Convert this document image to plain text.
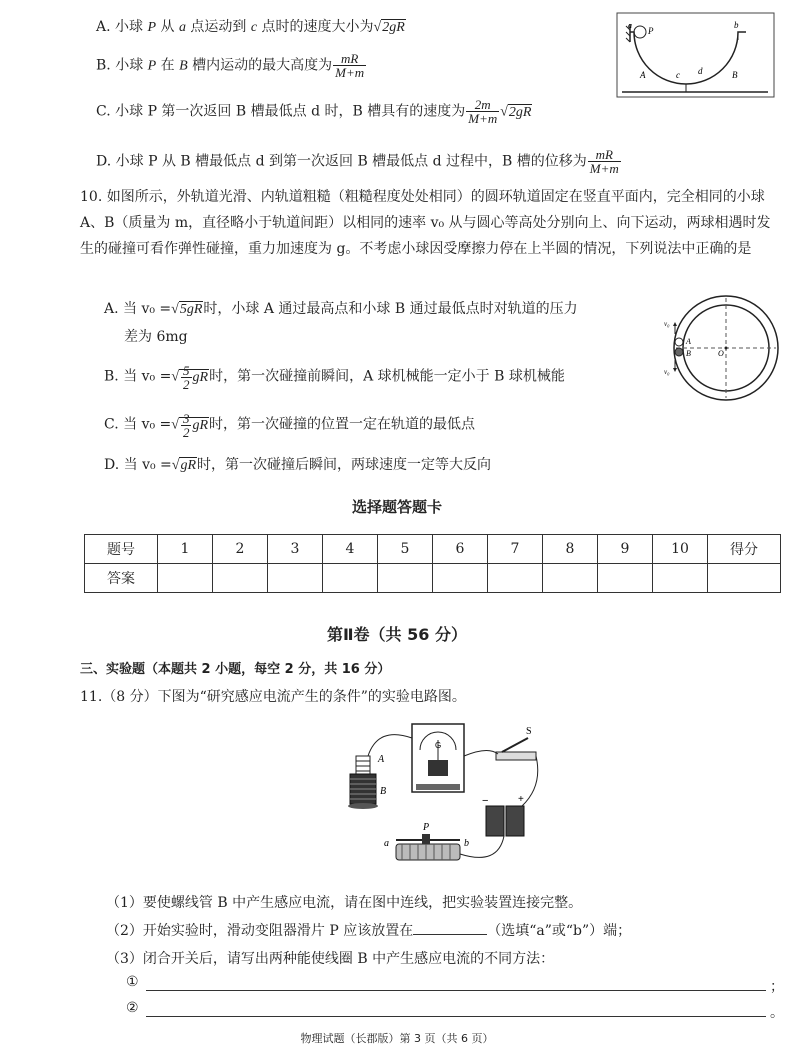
A. 小球 P 从 a 点运动到 c 点时的速度大小为√2gR
B. 小球 P 在 B 槽内运动的最大高度为 $\frac{mR}{M+m}$
C. 小球 P 第一次返回 B 槽最低点 d 时，B 槽具有的速度为 $\frac{2m}{M+m} √2gR$
D. 小球 P 从 B 槽最低点 d 到第一次返回 B 槽最低点 d 过程中，B 槽的位移为 $\frac{mR}{M+m}$
a
P
b
A	c d	B
10. 如图所示，外轨道光滑、内轨道粗糙（粗糙程度处处相同）的圆环轨道固定在竖直平面内，完全相同的小球 A、B（质量为 m，直径略小于轨道间距）以相同的速率 v₀ 从与圆心等高处分别向上、向下运动，两球相遇时发生的碰撞可看作弹性碰撞，重力加速度为 g。不考虑小球因受摩擦力停在上半圆的情况，下列说法中正确的是
A. 当 v₀ =√5gR时，小球 A 通过最高点和小球 B 通过最低点时对轨道的压力
差为 6mg
B. 当 v₀ =√ $\frac{5}{2}$ gR时，第一次碰撞前瞬间，A 球机械能一定小于 B 球机械能
C. 当 v₀ =√ $\frac{3}{2}$ gR时，第一次碰撞的位置一定在轨道的最低点
D. 当 v₀ =√gR时，第一次碰撞后瞬间，两球速度一定等大反向
v₀
A
B	O
v₀
选择题答题卡
题号	1	2	3	4	5	6	7	8	9	10	得分
答案											
第Ⅱ卷（共 56 分）
三、实验题（本题共 2 小题，每空 2 分，共 16 分）
11.（8 分）下图为“研究感应电流产生的条件”的实验电路图。
A
B
G
S
−	+
P
a	b
（1）要使螺线管 B 中产生感应电流，请在图中连线，把实验装置连接完整。
（2）开始实验时，滑动变阻器滑片 P 应该放置在	（选填“a”或“b”）端；
（3）闭合开关后，请写出两种能使线圈 B 中产生感应电流的不同方法：
①	；
②	。
物理试题（长郡版）第 3 页（共 6 页）
